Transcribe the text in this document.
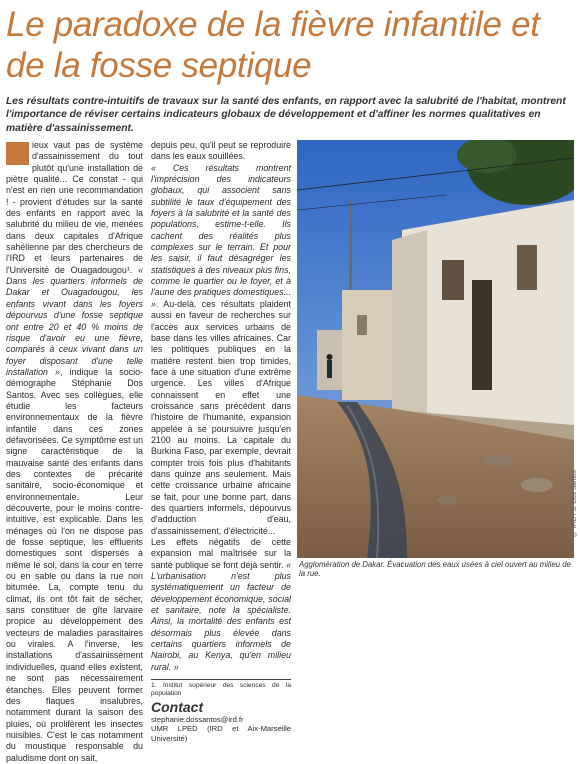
Le paradoxe de la fièvre infantile et de la fosse septique

Les résultats contre-intuitifs de travaux sur la santé des enfants, en rapport avec la salubrité de l'habitat, montrent l'importance de réviser certains indicateurs globaux de développement et d'affiner les normes qualitatives en matière d'assainissement.

ieux vaut pas de système d'assainissement du tout plutôt qu'une installation de piètre qualité... Ce constat - qui n'est en rien une recommandation ! - provient d'études sur la santé des enfants en rapport avec la salubrité du milieu de vie, menées dans deux capitales d'Afrique sahélienne par des chercheurs de l'IRD et leurs partenaires de l'Université de Ouagadougou¹. « Dans les quartiers informels de Dakar et Ouagadougou, les enfants vivant dans les foyers dépourvus d'une fosse septique ont entre 20 et 40 % moins de risque d'avoir eu une fièvre, comparés à ceux vivant dans un foyer disposant d'une telle installation », indique la socio-démographe Stéphanie Dos Santos. Avec ses collègues, elle étudie les facteurs environnementaux de la fièvre infantile dans ces zones défavorisées. Ce symptôme est un signe caractéristique de la mauvaise santé des enfants dans des contextes de précarité sanitaire, socio-économique et environnementale. Leur découverte, pour le moins contre-intuitive, est explicable. Dans les ménages où l'on ne dispose pas de fosse septique, les effluents domestiques sont dispersés à même le sol, dans la cour en terre ou en sable ou dans la rue non bitumée. La, compte tenu du climat, ils ont tôt fait de sécher, sans constituer de gîte larvaire propice au développement des vecteurs de maladies parasitaires ou virales. A l'inverse, les installations d'assainissement individuelles, quand elles existent, ne sont pas nécessairement étanches. Elles peuvent former des flaques insalubres, notamment durant la saison des pluies, où prolifèrent les insectes nuisibles. C'est le cas notamment du moustique responsable du paludisme dont on sait,

depuis peu, qu'il peut se reproduire dans les eaux souillées.

« Ces résultats montrent l'imprécision des indicateurs globaux, qui associent sans subtilité le taux d'équipement des foyers à la salubrité et la santé des populations, estime-t-elle. Ils cachent des réalités plus complexes sur le terrain. Et pour les saisir, il faut désagréger les statistiques à des niveaux plus fins, comme le quartier ou le foyer, et à l'aune des pratiques domestiques... ». Au-delà, ces résultats plaident aussi en faveur de recherches sur l'accès aux services urbains de base dans les villes africaines. Car les politiques publiques en la matière restent bien trop timides, face à une situation d'une extrême urgence. Les villes d'Afrique connaissent en effet une croissance sans précédent dans l'histoire de l'humanité, expansion appelée à se poursuivre jusqu'en 2100 au moins. La capitale du Burkina Faso, par exemple, devrait compter trois fois plus d'habitants dans quinze ans seulement. Mais cette croissance urbaine africaine se fait, pour une bonne part, dans des quartiers informels, dépourvus d'adduction d'eau, d'assainissement, d'électricité...

Les effets négatifs de cette expansion mal maîtrisée sur la santé publique se font déjà sentir. « L'urbanisation n'est plus systématiquement un facteur de développement économique, social et sanitaire, note la spécialiste. Ainsi, la mortalité des enfants est désormais plus élevée dans certains quartiers informels de Nairobi, au Kenya, qu'en milieu rural. »

1. Institut supérieur des sciences de la population
Contact
stephanie.dossantos@ird.fr
UMR LPED (IRD et Aix-Marseille Université)
© IRD / S. Dos Santos
Agglomération de Dakar. Évacuation des eaux usées à ciel ouvert au milieu de la rue.
